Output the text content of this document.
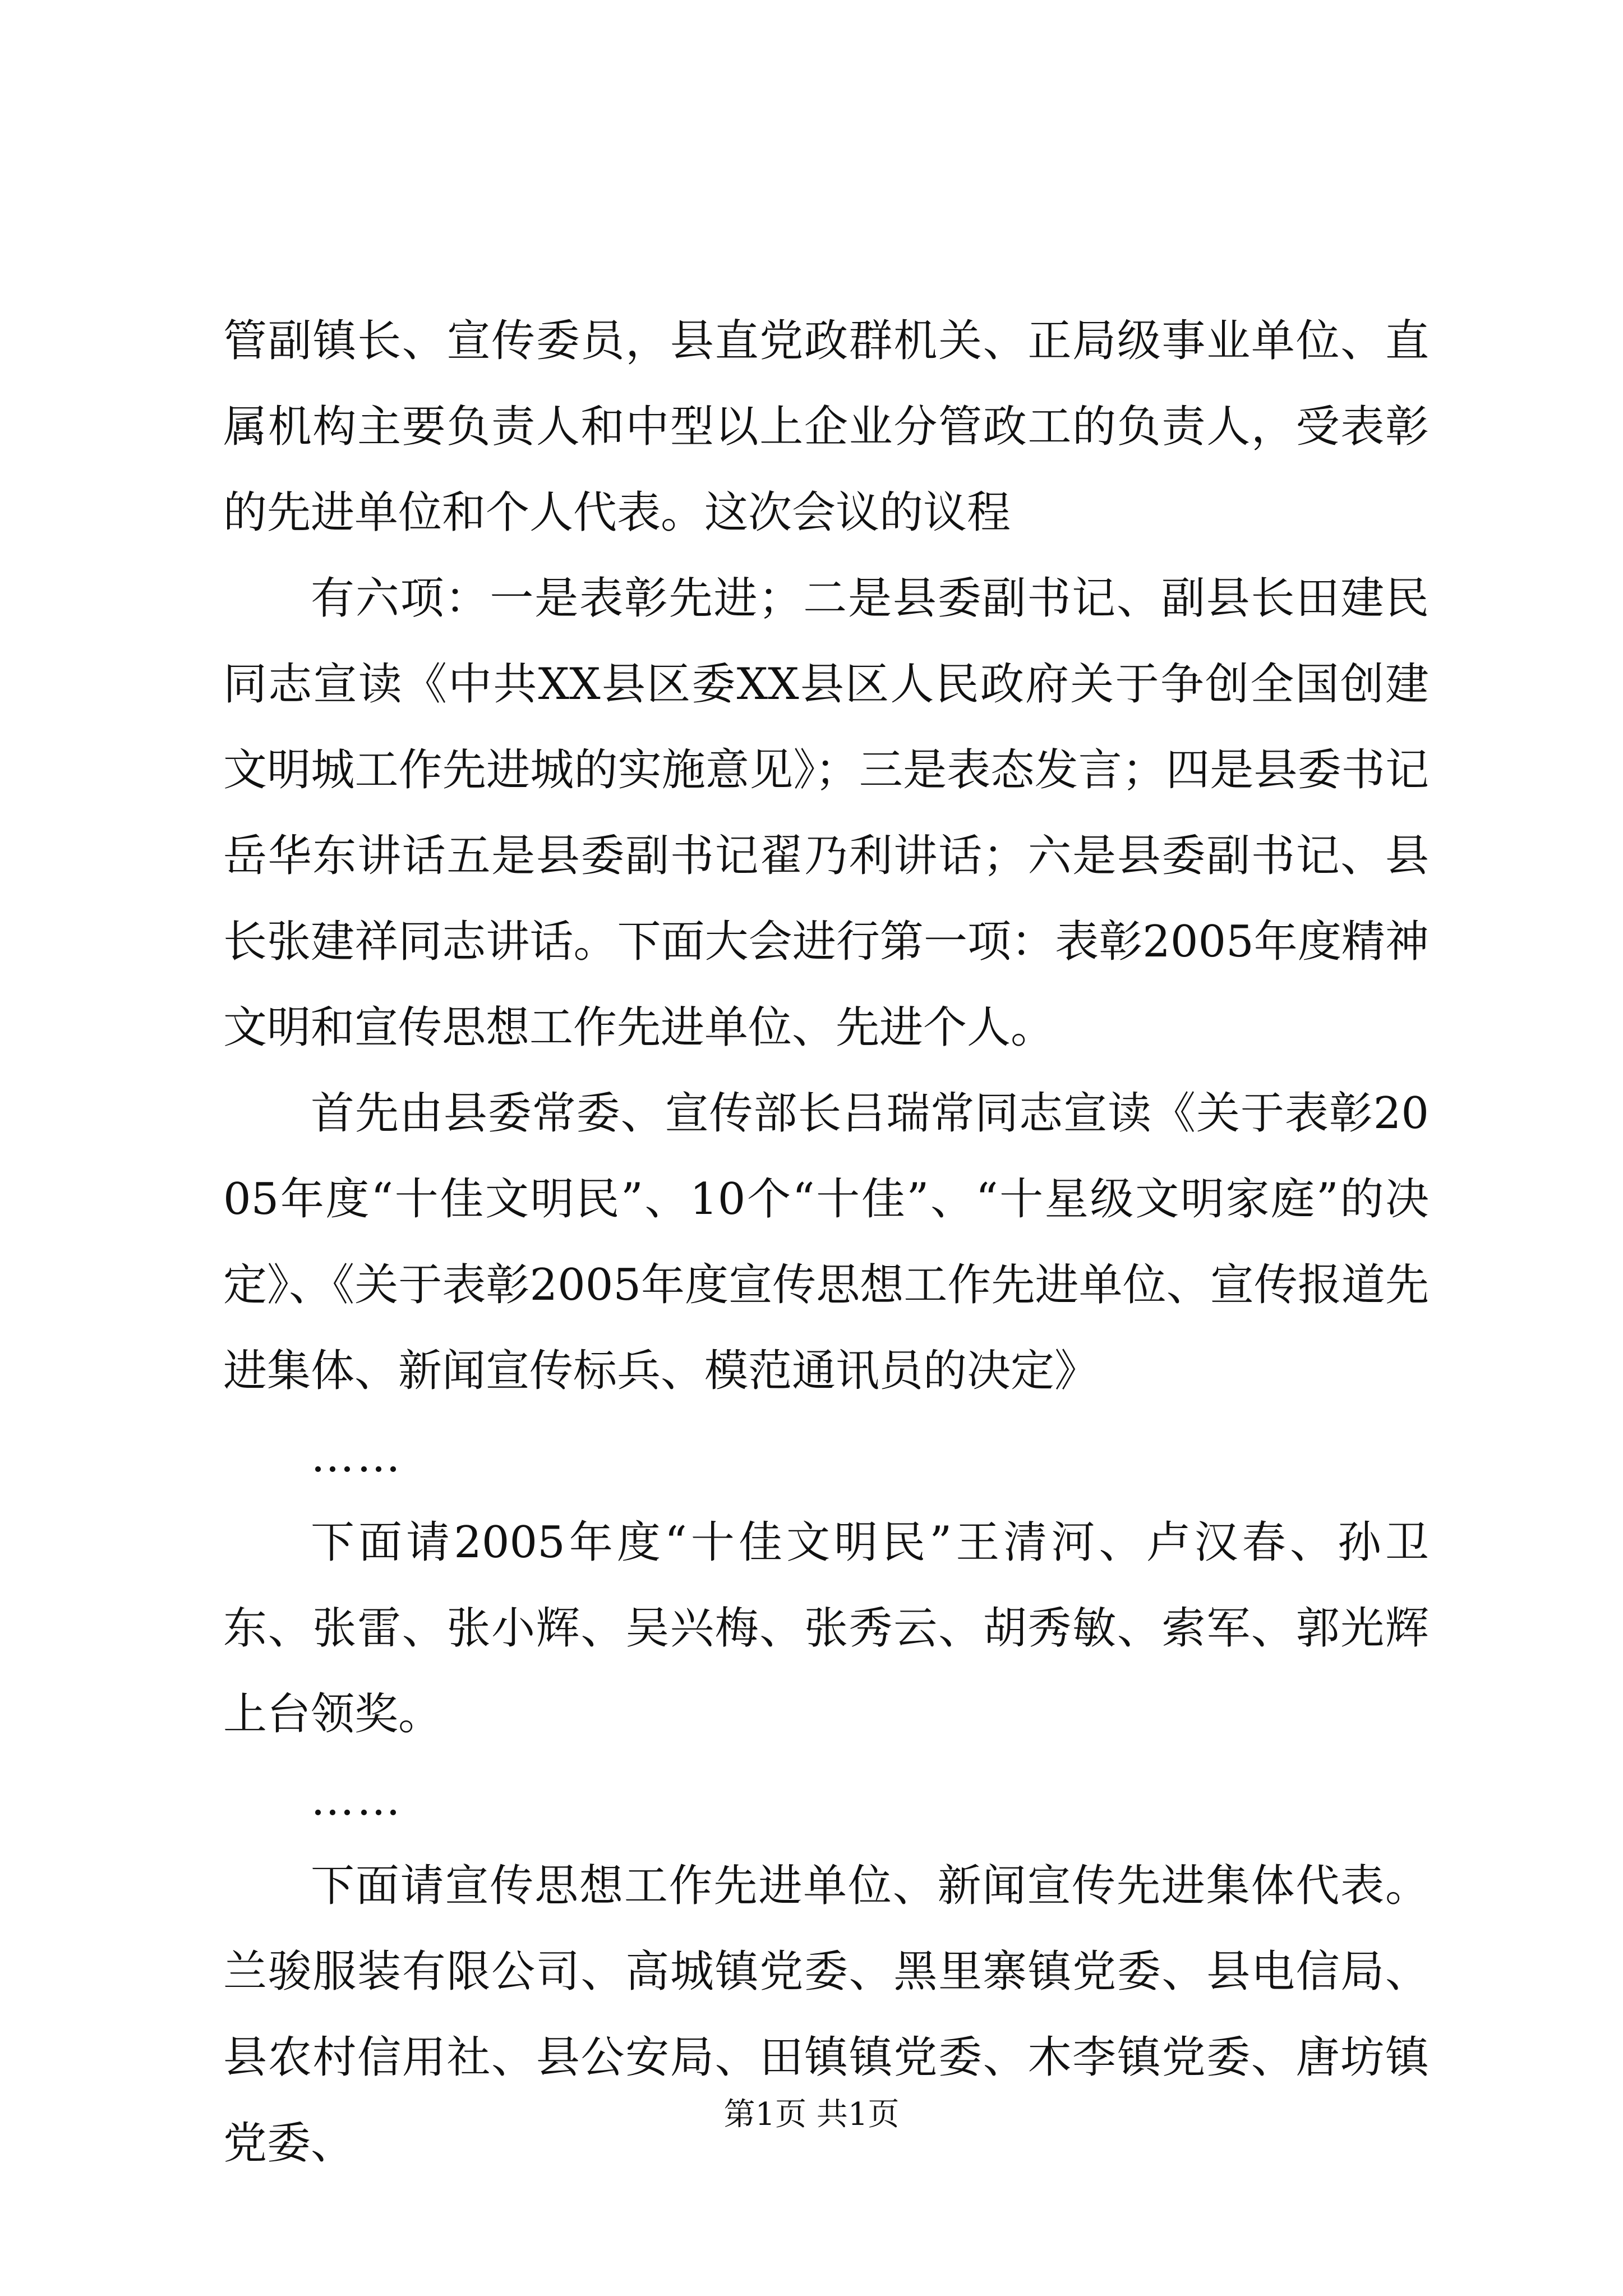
管副镇长、宣传委员，县直党政群机关、正局级事业单位、直属机构主要负责人和中型以上企业分管政工的负责人，受表彰的先进单位和个人代表。这次会议的议程

有六项：一是表彰先进；二是县委副书记、副县长田建民同志宣读《中共XX县区委XX县区人民政府关于争创全国创建文明城工作先进城的实施意见》；三是表态发言；四是县委书记岳华东讲话五是县委副书记翟乃利讲话；六是县委副书记、县长张建祥同志讲话。下面大会进行第一项：表彰2005年度精神文明和宣传思想工作先进单位、先进个人。

首先由县委常委、宣传部长吕瑞常同志宣读《关于表彰2005年度“十佳文明民”、10个“十佳”、“十星级文明家庭”的决定》、《关于表彰2005年度宣传思想工作先进单位、宣传报道先进集体、新闻宣传标兵、模范通讯员的决定》

……

下面请2005年度“十佳文明民”王清河、卢汉春、孙卫东、张雷、张小辉、吴兴梅、张秀云、胡秀敏、索军、郭光辉上台领奖。

……

下面请宣传思想工作先进单位、新闻宣传先进集体代表。兰骏服装有限公司、高城镇党委、黑里寨镇党委、县电信局、县农村信用社、县公安局、田镇镇党委、木李镇党委、唐坊镇党委、

第1页 共1页
